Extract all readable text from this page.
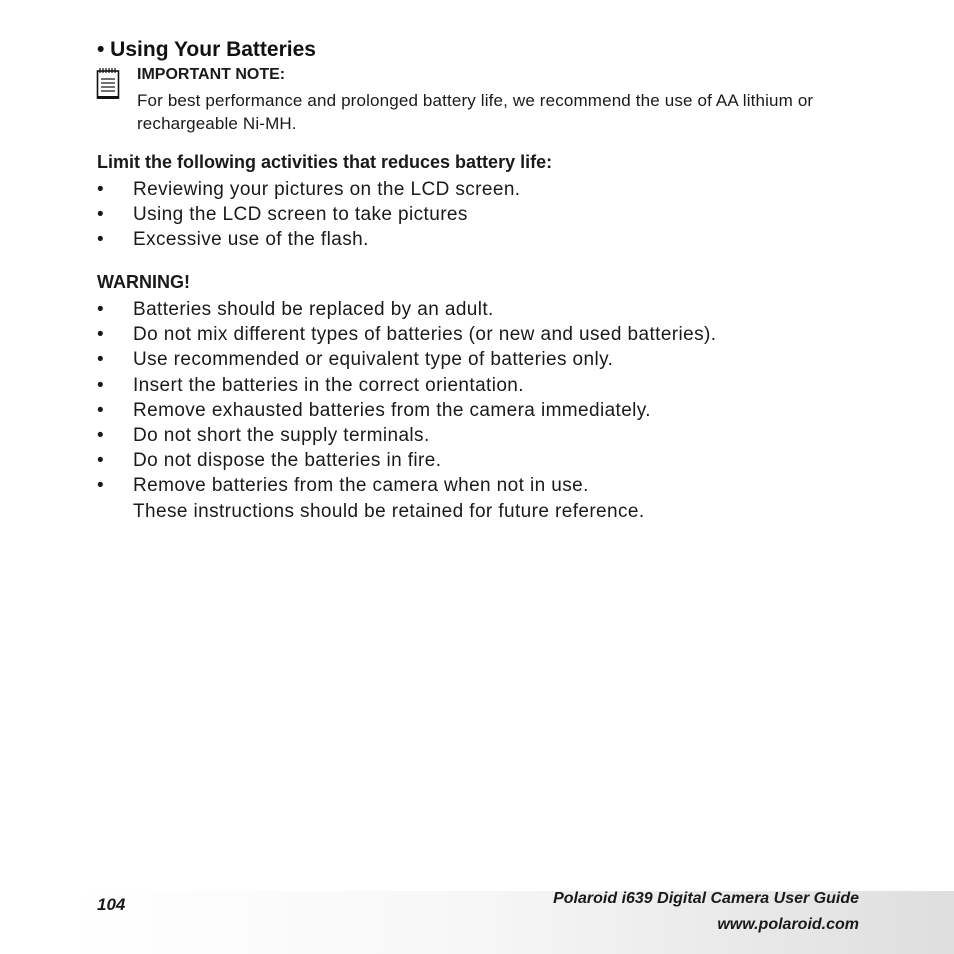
• Using Your Batteries
IMPORTANT NOTE:

For best performance and prolonged battery life, we recommend the use of AA lithium or rechargeable Ni-MH.

Limit the following activities that reduces battery life:
• Reviewing your pictures on the LCD screen.
• Using the LCD screen to take pictures
• Excessive use of the flash.
WARNING!
• Batteries should be replaced by an adult.
• Do not mix different types of batteries (or new and used batteries).
• Use recommended or equivalent type of batteries only.
• Insert the batteries in the correct orientation.
• Remove exhausted batteries from the camera immediately.
• Do not short the supply terminals.
• Do not dispose the batteries in fire.
• Remove batteries from the camera when not in use.
These instructions should be retained for future reference.
104	Polaroid i639 Digital Camera User Guide
www.polaroid.com
